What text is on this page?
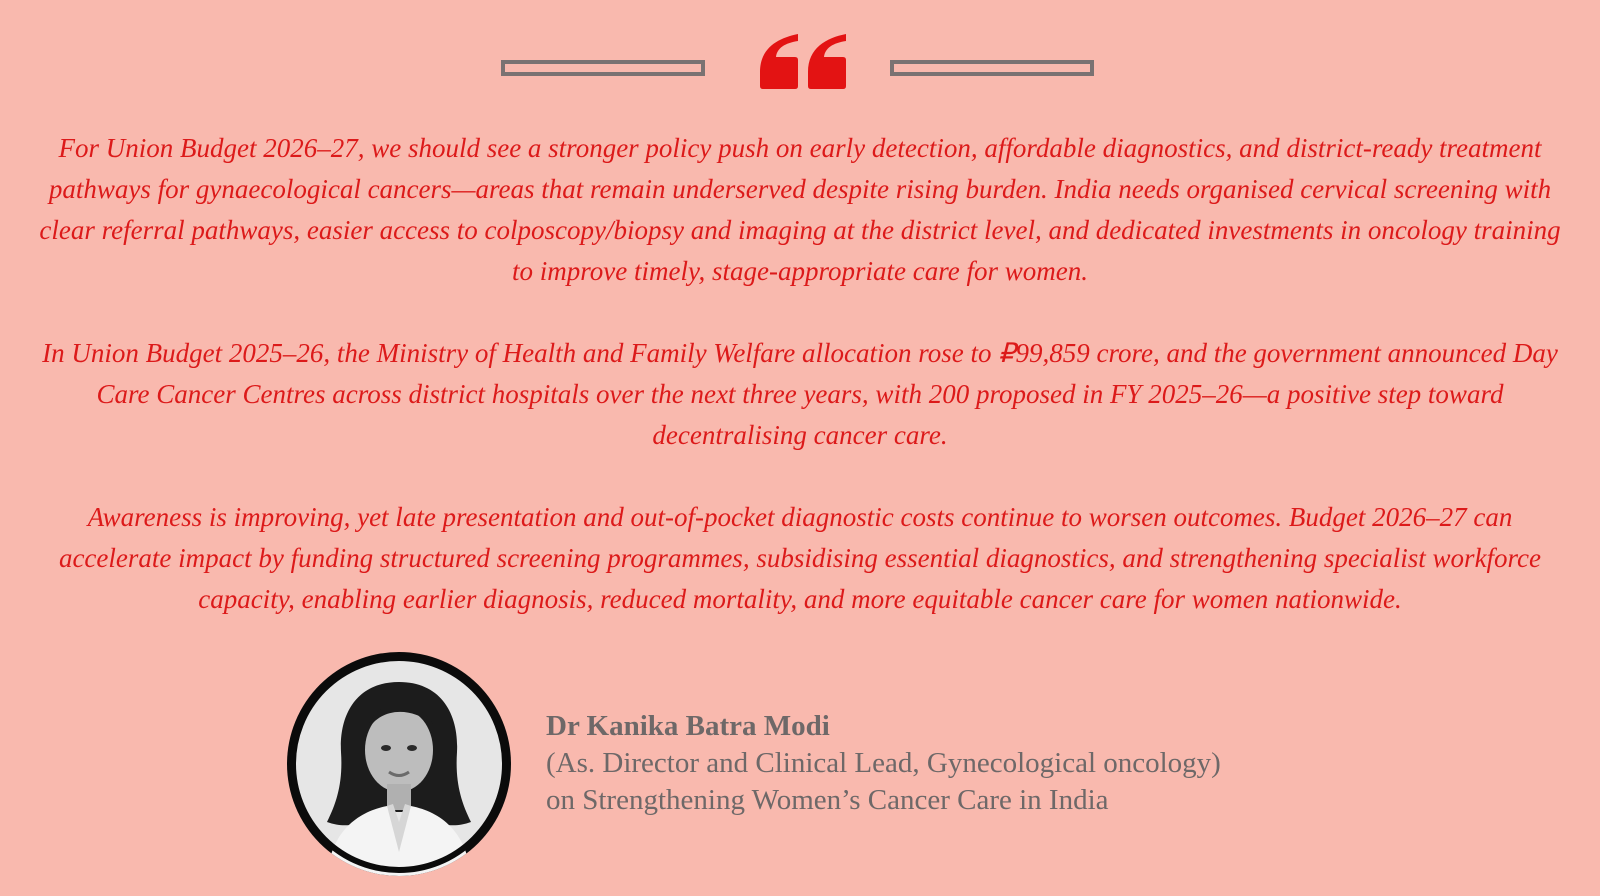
For Union Budget 2026–27, we should see a stronger policy push on early detection, affordable diagnostics, and district-ready treatment pathways for gynaecological cancers—areas that remain underserved despite rising burden. India needs organised cervical screening with clear referral pathways, easier access to colposcopy/biopsy and imaging at the district level, and dedicated investments in oncology training to improve timely, stage-appropriate care for women.

In Union Budget 2025–26, the Ministry of Health and Family Welfare allocation rose to ₽99,859 crore, and the government announced Day Care Cancer Centres across district hospitals over the next three years, with 200 proposed in FY 2025–26—a positive step toward decentralising cancer care.

Awareness is improving, yet late presentation and out-of-pocket diagnostic costs continue to worsen outcomes. Budget 2026–27 can accelerate impact by funding structured screening programmes, subsidising essential diagnostics, and strengthening specialist workforce capacity, enabling earlier diagnosis, reduced mortality, and more equitable cancer care for women nationwide.

Dr Kanika Batra Modi
(As. Director and Clinical Lead, Gynecological oncology)
on Strengthening Women’s Cancer Care in India
